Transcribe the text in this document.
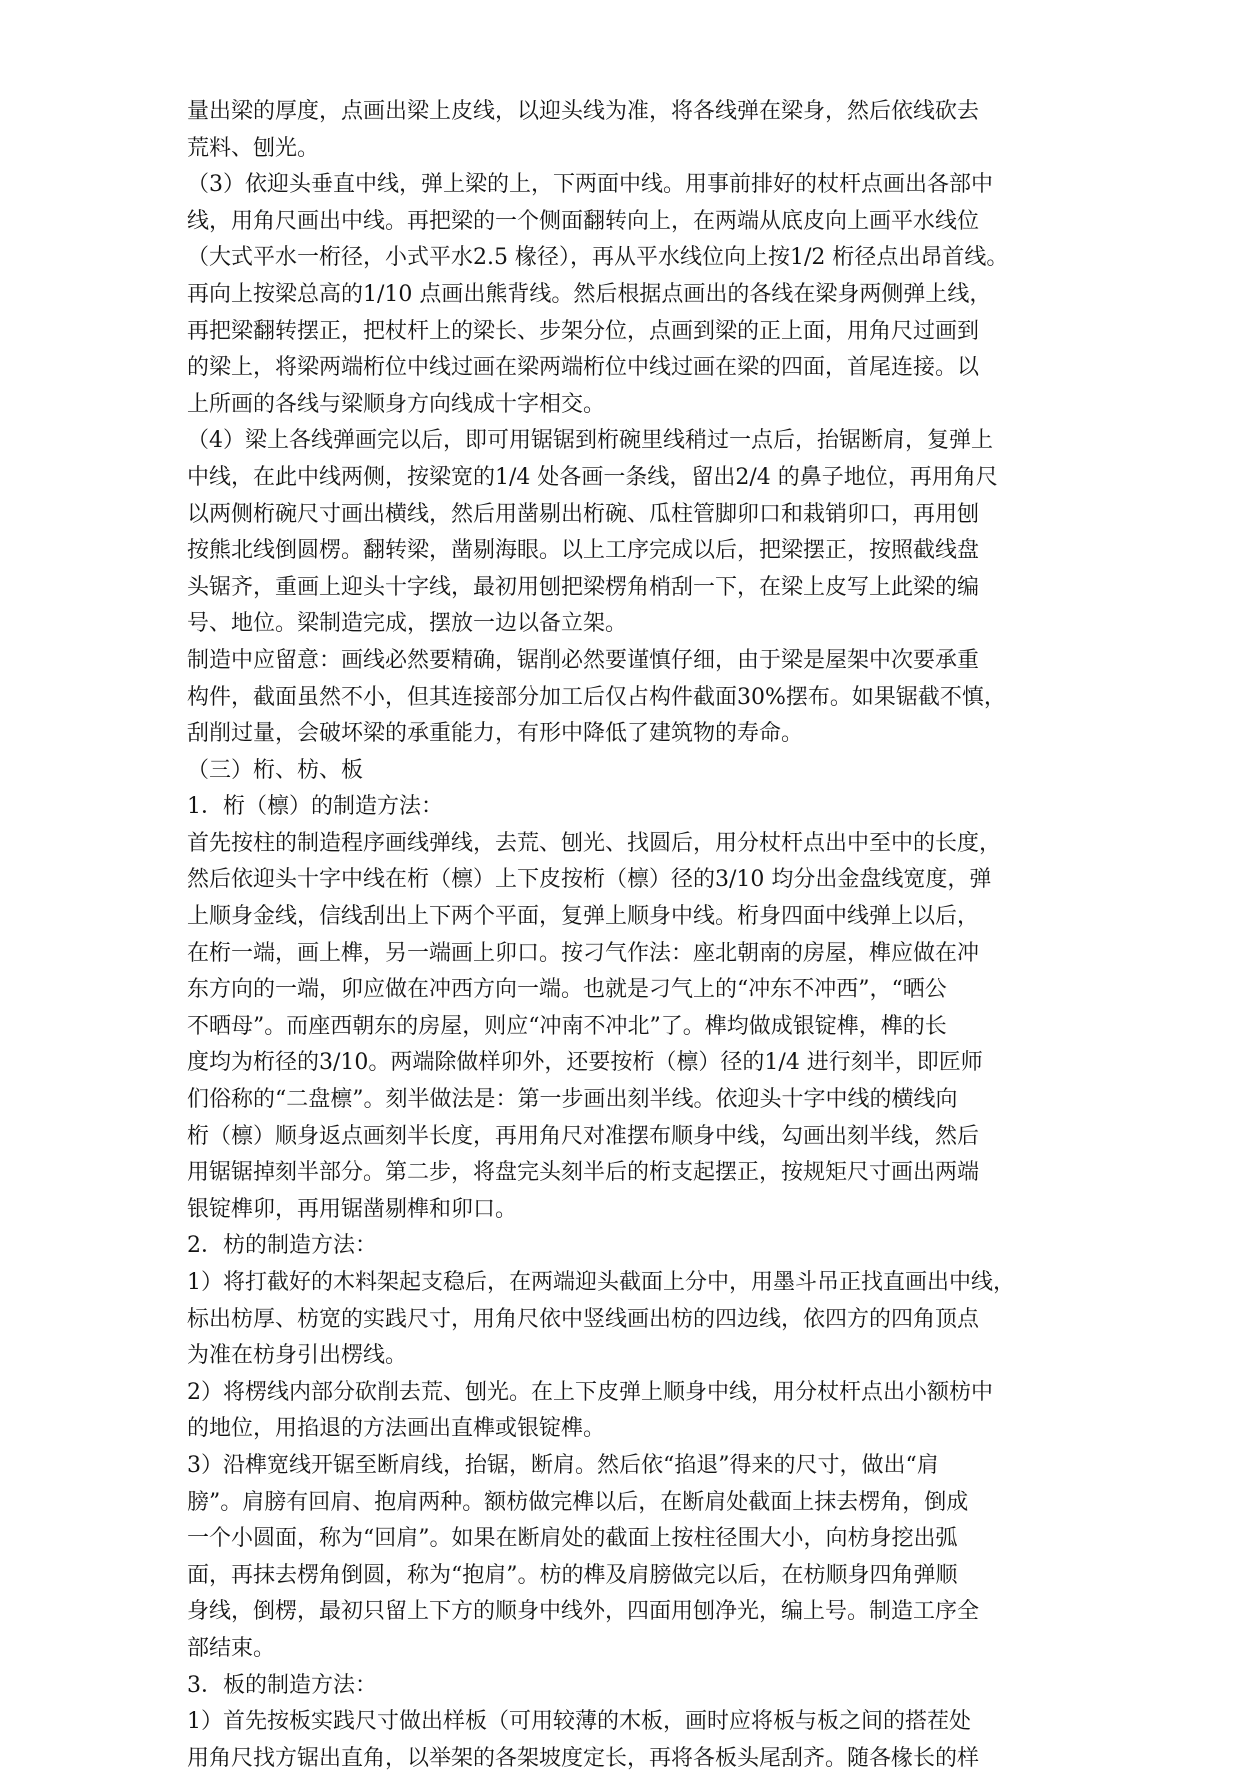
量出梁的厚度，点画出梁上皮线，以迎头线为准，将各线弹在梁身，然后依线砍去
荒料、刨光。
（3）依迎头垂直中线，弹上梁的上，下两面中线。用事前排好的杖杆点画出各部中
线，用角尺画出中线。再把梁的一个侧面翻转向上，在两端从底皮向上画平水线位
（大式平水一桁径，小式平水2.5 椽径），再从平水线位向上按1/2 桁径点出昂首线。
再向上按梁总高的1/10 点画出熊背线。然后根据点画出的各线在梁身两侧弹上线，
再把梁翻转摆正，把杖杆上的梁长、步架分位，点画到梁的正上面，用角尺过画到
的梁上，将梁两端桁位中线过画在梁两端桁位中线过画在梁的四面，首尾连接。以
上所画的各线与梁顺身方向线成十字相交。
（4）梁上各线弹画完以后，即可用锯锯到桁碗里线稍过一点后，抬锯断肩，复弹上
中线，在此中线两侧，按梁宽的1/4 处各画一条线，留出2/4 的鼻子地位，再用角尺
以两侧桁碗尺寸画出横线，然后用凿剔出桁碗、瓜柱管脚卯口和栽销卯口，再用刨
按熊北线倒圆楞。翻转梁，凿剔海眼。以上工序完成以后，把梁摆正，按照截线盘
头锯齐，重画上迎头十字线，最初用刨把梁楞角梢刮一下，在梁上皮写上此梁的编
号、地位。梁制造完成，摆放一边以备立架。
制造中应留意：画线必然要精确，锯削必然要谨慎仔细，由于梁是屋架中次要承重
构件，截面虽然不小，但其连接部分加工后仅占构件截面30%摆布。如果锯截不慎，
刮削过量，会破坏梁的承重能力，有形中降低了建筑物的寿命。
（三）桁、枋、板
1．桁（檩）的制造方法：
首先按柱的制造程序画线弹线，去荒、刨光、找圆后，用分杖杆点出中至中的长度，
然后依迎头十字中线在桁（檩）上下皮按桁（檩）径的3/10 均分出金盘线宽度，弹
上顺身金线，信线刮出上下两个平面，复弹上顺身中线。桁身四面中线弹上以后，
在桁一端，画上榫，另一端画上卯口。按刁气作法：座北朝南的房屋，榫应做在冲
东方向的一端，卯应做在冲西方向一端。也就是刁气上的“冲东不冲西”，“晒公
不晒母”。而座西朝东的房屋，则应“冲南不冲北”了。榫均做成银锭榫，榫的长
度均为桁径的3/10。两端除做样卯外，还要按桁（檩）径的1/4 进行刻半，即匠师
们俗称的“二盘檩”。刻半做法是：第一步画出刻半线。依迎头十字中线的横线向
桁（檩）顺身返点画刻半长度，再用角尺对准摆布顺身中线，勾画出刻半线，然后
用锯锯掉刻半部分。第二步，将盘完头刻半后的桁支起摆正，按规矩尺寸画出两端
银锭榫卯，再用锯凿剔榫和卯口。
2．枋的制造方法：
1）将打截好的木料架起支稳后，在两端迎头截面上分中，用墨斗吊正找直画出中线，
标出枋厚、枋宽的实践尺寸，用角尺依中竖线画出枋的四边线，依四方的四角顶点
为准在枋身引出楞线。
2）将楞线内部分砍削去荒、刨光。在上下皮弹上顺身中线，用分杖杆点出小额枋中
的地位，用掐退的方法画出直榫或银锭榫。
3）沿榫宽线开锯至断肩线，抬锯，断肩。然后依“掐退”得来的尺寸，做出“肩
膀”。肩膀有回肩、抱肩两种。额枋做完榫以后，在断肩处截面上抹去楞角，倒成
一个小圆面，称为“回肩”。如果在断肩处的截面上按柱径围大小，向枋身挖出弧
面，再抹去楞角倒圆，称为“抱肩”。枋的榫及肩膀做完以后，在枋顺身四角弹顺
身线，倒楞，最初只留上下方的顺身中线外，四面用刨净光，编上号。制造工序全
部结束。
3．板的制造方法：
1）首先按板实践尺寸做出样板（可用较薄的木板，画时应将板与板之间的搭茬处
用角尺找方锯出直角，以举架的各架坡度定长，再将各板头尾刮齐。随各椽长的样
